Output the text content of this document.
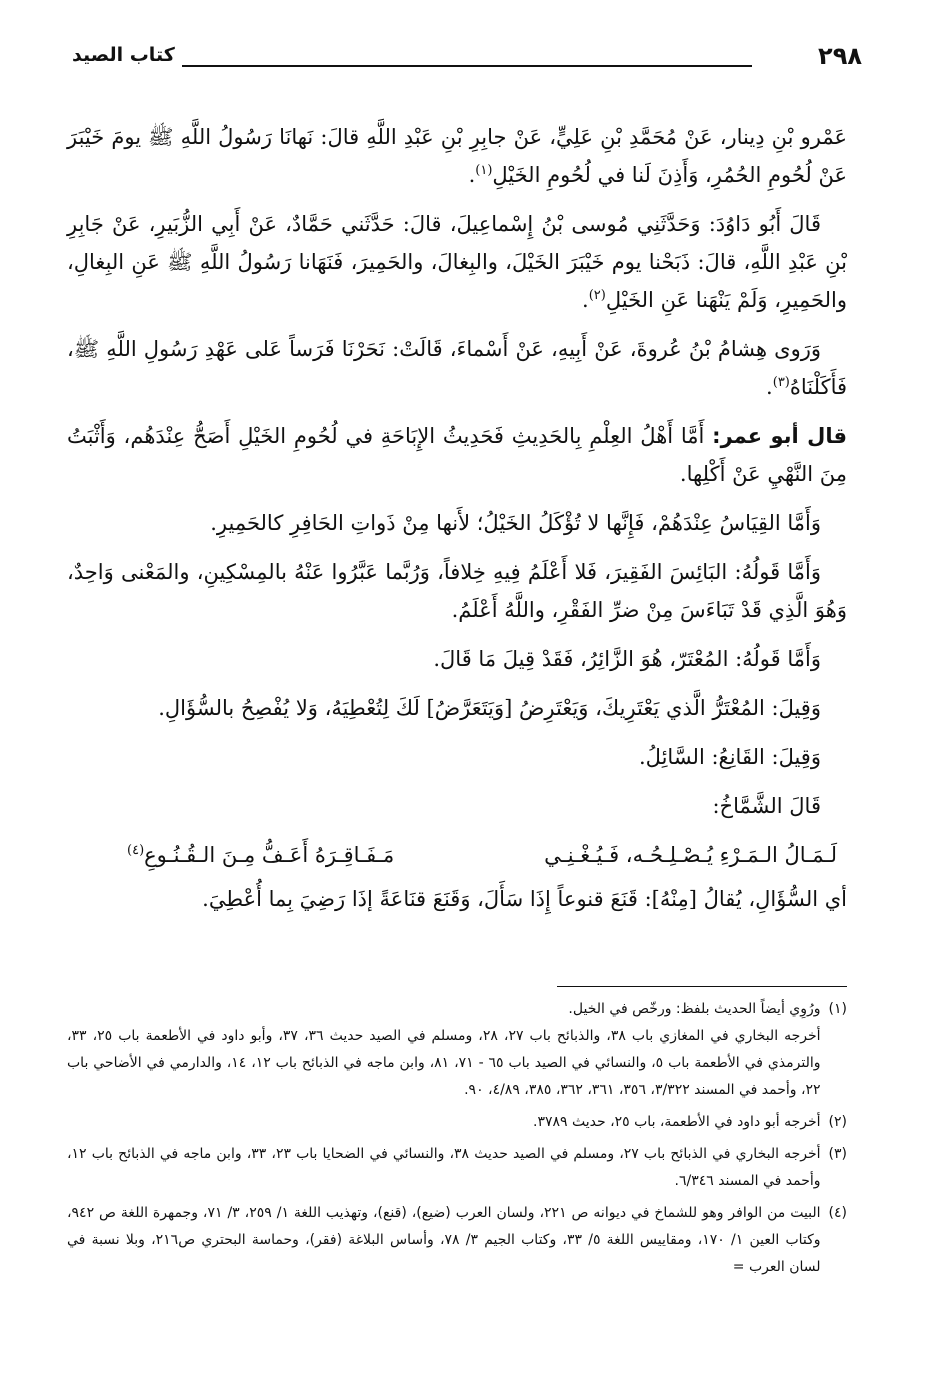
٢٩٨
كتاب الصيد

عَمْرو بْنِ دِينار، عَنْ مُحَمَّدِ بْنِ عَلِيٍّ، عَنْ جابِرِ بْنِ عَبْدِ اللَّهِ قالَ: نَهانَا رَسُولُ اللَّهِ ﷺ يومَ خَيْبَرَ عَنْ لُحُومِ الحُمُرِ، وَأَذِنَ لَنا في لُحُومِ الخَيْلِ$^{(١)}$.

قَالَ أَبُو دَاوُدَ: وَحَدَّثَنِي مُوسى بْنُ إِسْماعِيلَ، قالَ: حَدَّثَني حَمَّادٌ، عَنْ أَبِي الزُّبَيرِ، عَنْ جَابِرِ بْنِ عَبْدِ اللَّهِ، قالَ: ذَبَحْنا يوم خَيْبَرَ الخَيْلَ، والبِغالَ، والحَمِيرَ، فَنَهَانا رَسُولُ اللَّهِ ﷺ عَنِ البِغالِ، والحَمِيرِ، وَلَمْ يَنْهَنا عَنِ الخَيْلِ$^{(٢)}$.

وَرَوى هِشامُ بْنُ عُروةَ، عَنْ أَبِيهِ، عَنْ أَسْماءَ، قَالَتْ: نَحَرْنَا فَرَساً عَلى عَهْدِ رَسُولِ اللَّهِ ﷺ، فَأَكَلْنَاهُ$^{(٣)}$.

قال أبو عمر: أَمَّا أَهْلُ العِلْمِ بِالحَدِيثِ فَحَدِيثُ الإِبَاحَةِ في لُحُومِ الخَيْلِ أَصَحُّ عِنْدَهُم، وَأَثْبَتُ مِنَ النَّهْيِ عَنْ أَكْلِها.

وَأَمَّا القِيَاسُ عِنْدَهُمْ، فَإِنَّها لا تُؤْكَلُ الخَيْلُ؛ لأَنها مِنْ ذَواتِ الحَافِرِ كالحَمِيرِ.

وَأَمَّا قَولُهُ: البَائِسَ الفَقِيرَ، فَلا أَعْلَمُ فِيهِ خِلافاً، وَرُبَّما عَبَّرُوا عَنْهُ بالمِسْكِينِ، والمَعْنى وَاحِدٌ، وَهُوَ الَّذِي قَدْ تَبَاءَسَ مِنْ ضرِّ الفَقْرِ، واللَّهُ أَعْلَمُ.

وَأَمَّا قَولُهُ: المُعْتَرّ، هُوَ الزَّائِرُ، فَقَدْ قِيلَ مَا قَالَ.

وَقِيلَ: المُعْتَرُّ الَّذي يَعْتَرِيكَ، وَيَعْتَرِضُ [وَيَتَعَرَّضُ] لَكَ لِتُعْطِيَهُ، وَلا يُفْصِحُ بالسُّؤَالِ.

وَقِيلَ: القَانِعُ: السَّائِلُ.

قَالَ الشَّمَّاخُ:

لَـمَـالُ الـمَـرْءِ يُـصْـلِـحُـه، فَـيُـغْـنِـي
مَـفَـاقِـرَهُ أَعَـفُّ مِـنَ الـقُـنُـوعِ$^{(٤)}$

أي السُّؤَالِ، يُقالُ [مِنْهُ]: قَنَعَ قنوعاً إِذَا سَأَلَ، وَقَنَعَ قنَاعَةً إذَا رَضِيَ بِما أُعْطِيَ.

(١)
ورُوِي أيضاً الحديث بلفظ: ورخّص في الخيل.
أخرجه البخاري في المغازي باب ٣٨، والذبائح باب ٢٧، ٢٨، ومسلم في الصيد حديث ٣٦، ٣٧، وأبو داود في الأطعمة باب ٢٥، ٣٣، والترمذي في الأطعمة باب ٥، والنسائي في الصيد باب ٦٥ - ٧١، ٨١، وابن ماجه في الذبائح باب ١٢، ١٤، والدارمي في الأضاحي باب ٢٢، وأحمد في المسند ٣/٣٢٢، ٣٥٦، ٣٦١، ٣٦٢، ٣٨٥، ٤/٨٩، ٩٠.
(٢)
أخرجه أبو داود في الأطعمة، باب ٢٥، حديث ٣٧٨٩.
(٣)
أخرجه البخاري في الذبائح باب ٢٧، ومسلم في الصيد حديث ٣٨، والنسائي في الضحايا باب ٢٣، ٣٣، وابن ماجه في الذبائح باب ١٢، وأحمد في المسند ٦/٣٤٦.
(٤)
البيت من الوافر وهو للشماخ في ديوانه ص ٢٢١، ولسان العرب (ضيع)، (قنع)، وتهذيب اللغة ١/ ٢٥٩، ٣/ ٧١، وجمهرة اللغة ص ٩٤٢، وكتاب العين ١/ ١٧٠، ومقاييس اللغة ٥/ ٣٣، وكتاب الجيم ٣/ ٧٨، وأساس البلاغة (فقر)، وحماسة البحتري ص٢١٦، وبلا نسبة في لسان العرب =
